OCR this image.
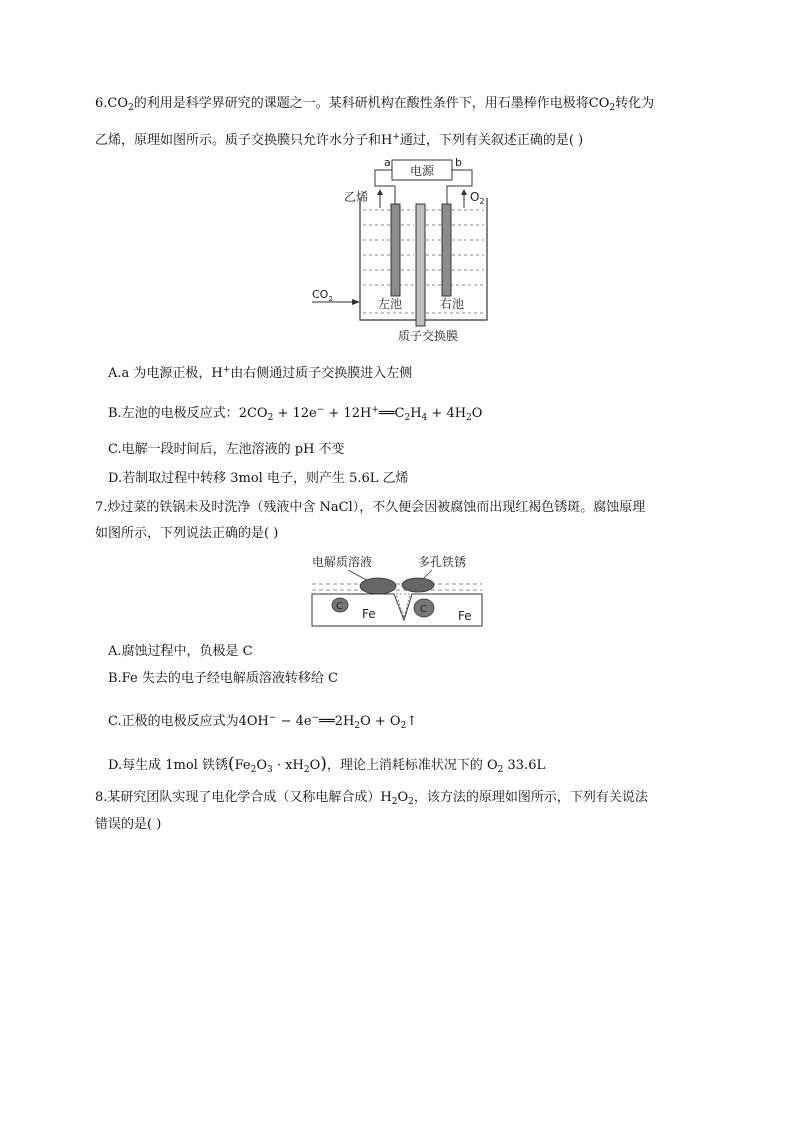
$6.CO_2$的利用是科学界研究的课题之一。某科研机构在酸性条件下，用石墨棒作电极将$CO_2$转化为
乙烯，原理如图所示。质子交换膜只允许水分子和H+通过，下列有关叙述正确的是( )
电源
a	b
乙烯	$O_2$
$CO_2$	左池	右池
质子交换膜
A.a 为电源正极，H+由右侧通过质子交换膜进入左侧
B.左池的电极反应式：$2CO_2 + 12e^-$ + $12H^+══C_2H_4 + 4H_2O$
C.电解一段时间后，左池溶液的 pH 不变
D.若制取过程中转移 3mol 电子，则产生 5.6L 乙烯
7.炒过菜的铁锅未及时洗净（残液中含 NaCl），不久便会因被腐蚀而出现红褐色锈斑。腐蚀原理
如图所示，下列说法正确的是( )
电解质溶液	多孔铁锈
C	C
Fe	Fe
A.腐蚀过程中，负极是 C
B.Fe 失去的电子经电解质溶液转移给 C
C.正极的电极反应式为$4OH^- - 4e^-══2H_2O$ + $O_2↑$
D.每生成 1mol 铁锈$(Fe_2O_3 \cdot xH_2O)$，理论上消耗标准状况下的 $O_2$ 33.6L
8.某研究团队实现了电化学合成（又称电解合成）$H_2O_2$，该方法的原理如图所示，下列有关说法
错误的是( )
